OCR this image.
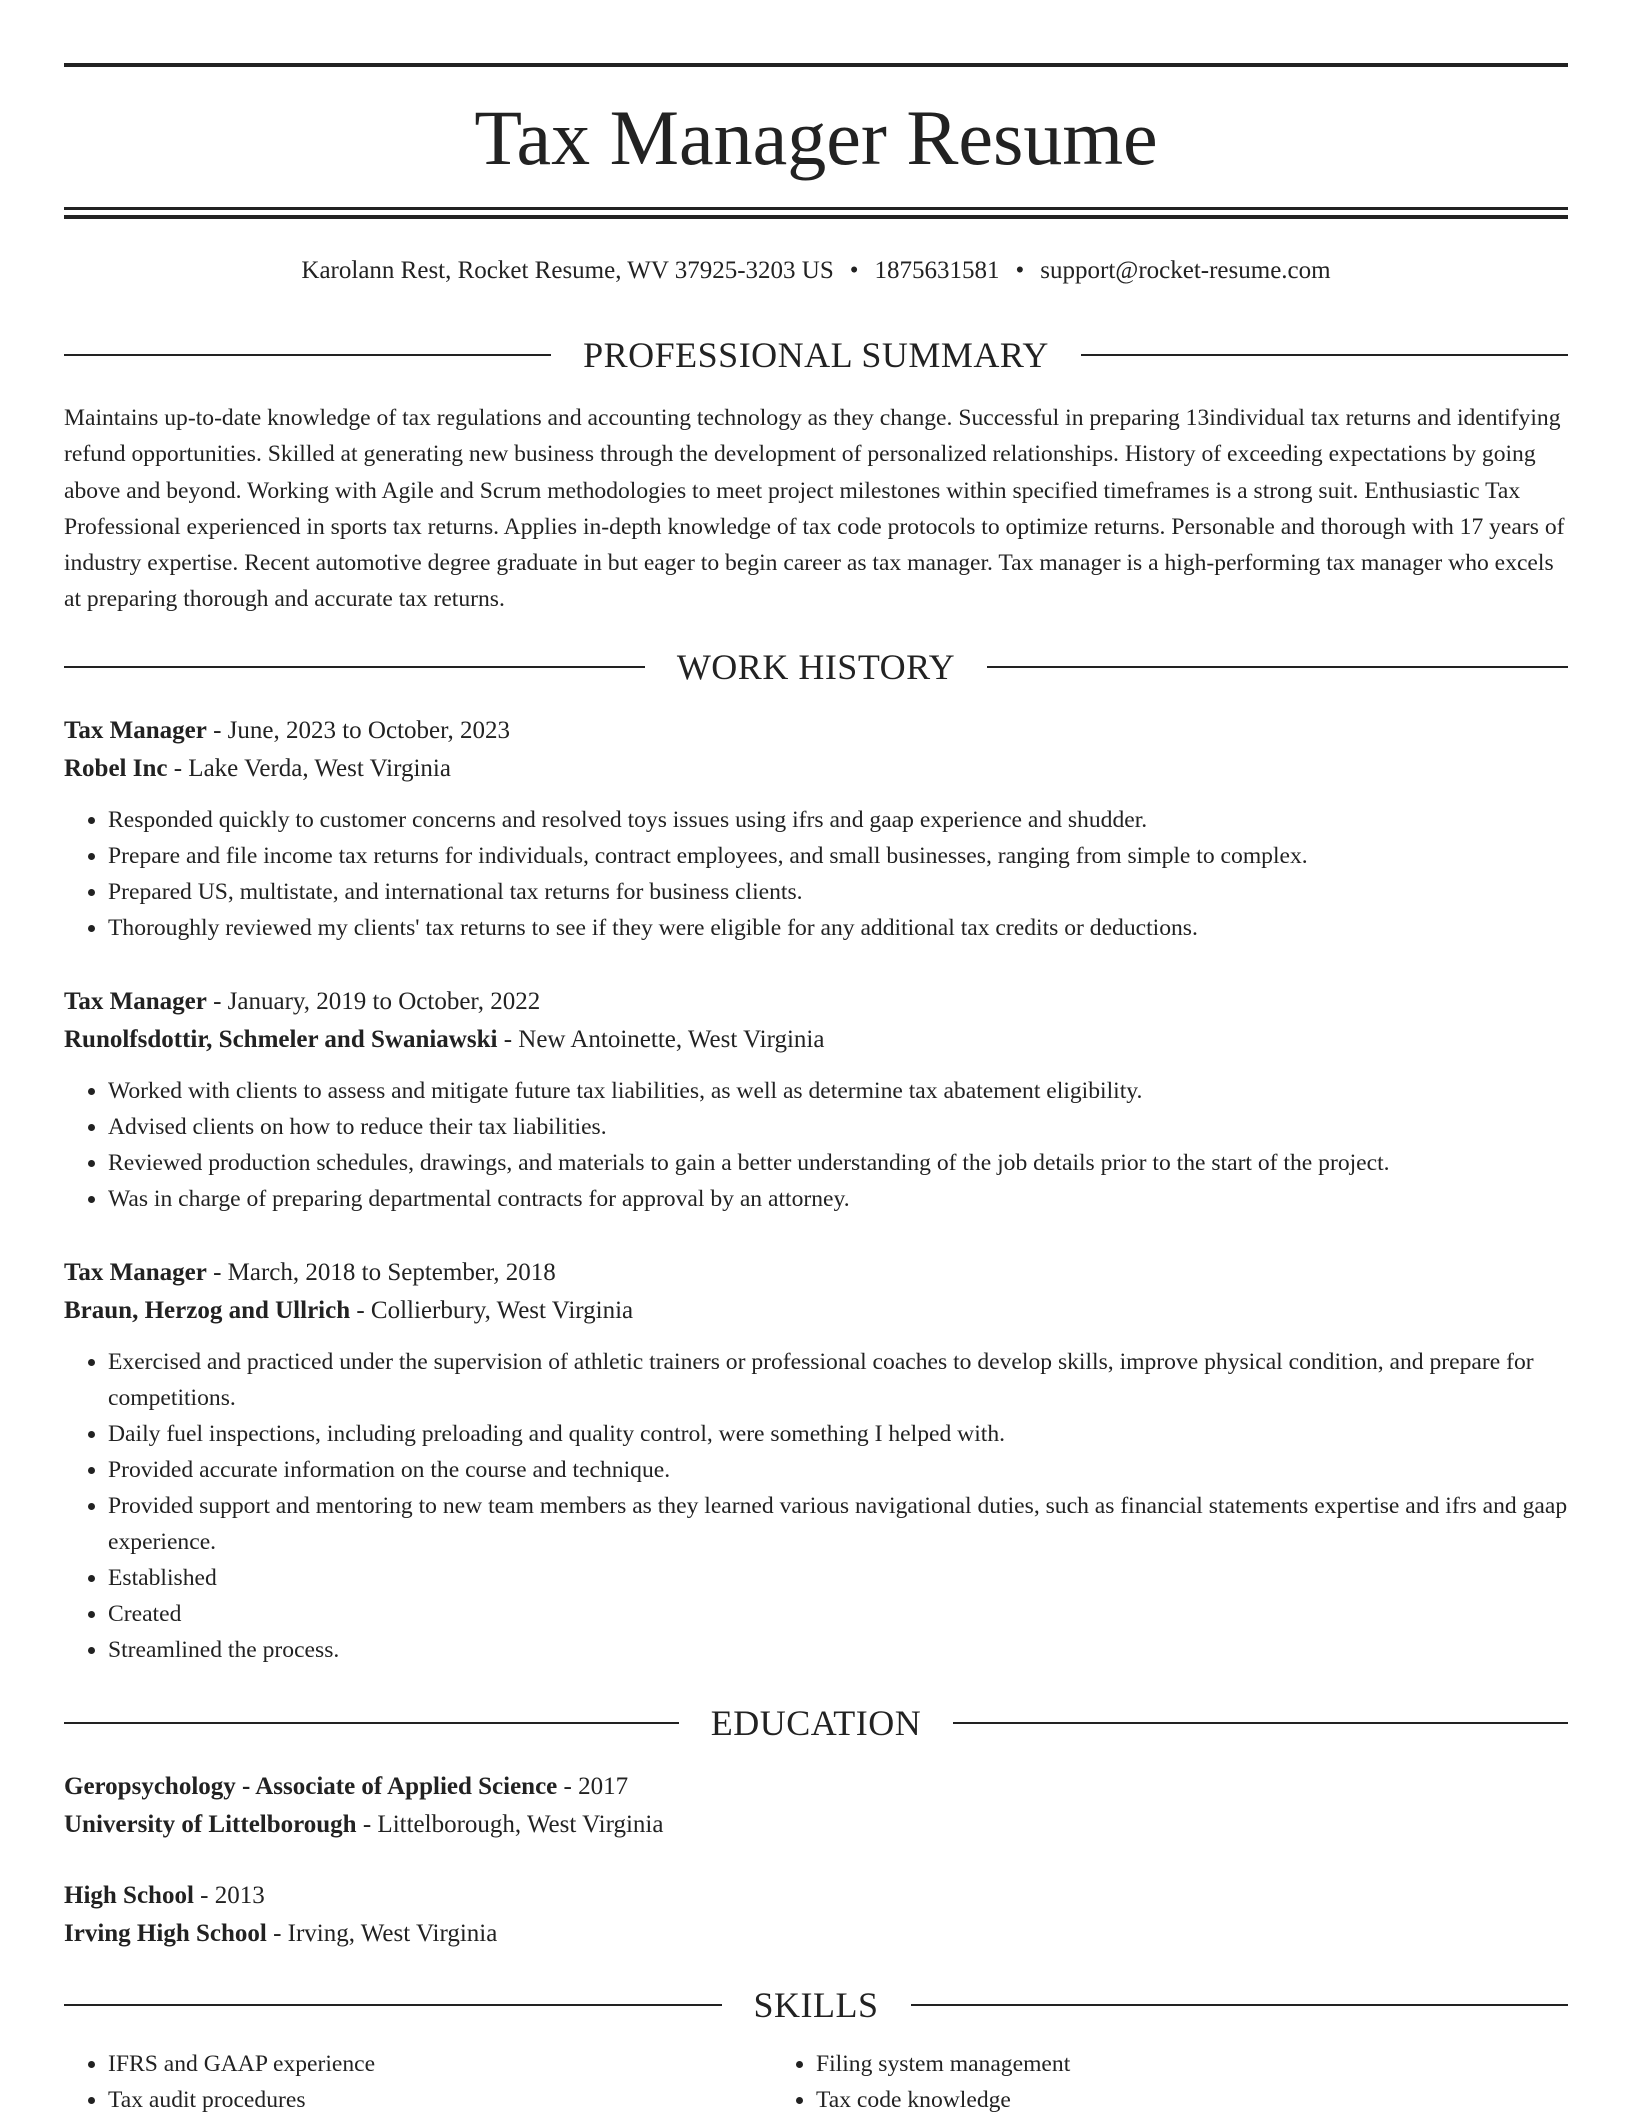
Tax Manager Resume
Karolann Rest, Rocket Resume, WV 37925-3203 US • 1875631581 • support@rocket-resume.com
PROFESSIONAL SUMMARY

Maintains up-to-date knowledge of tax regulations and accounting technology as they change. Successful in preparing 13individual tax returns and identifying refund opportunities. Skilled at generating new business through the development of personalized relationships. History of exceeding expectations by going above and beyond. Working with Agile and Scrum methodologies to meet project milestones within specified timeframes is a strong suit. Enthusiastic Tax Professional experienced in sports tax returns. Applies in-depth knowledge of tax code protocols to optimize returns. Personable and thorough with 17 years of industry expertise. Recent automotive degree graduate in but eager to begin career as tax manager. Tax manager is a high-performing tax manager who excels at preparing thorough and accurate tax returns.

WORK HISTORY

Tax Manager - June, 2023 to October, 2023

Robel Inc - Lake Verda, West Virginia

• Responded quickly to customer concerns and resolved toys issues using ifrs and gaap experience and shudder.
• Prepare and file income tax returns for individuals, contract employees, and small businesses, ranging from simple to complex.
• Prepared US, multistate, and international tax returns for business clients.
• Thoroughly reviewed my clients' tax returns to see if they were eligible for any additional tax credits or deductions.

Tax Manager - January, 2019 to October, 2022

Runolfsdottir, Schmeler and Swaniawski - New Antoinette, West Virginia

• Worked with clients to assess and mitigate future tax liabilities, as well as determine tax abatement eligibility.
• Advised clients on how to reduce their tax liabilities.
• Reviewed production schedules, drawings, and materials to gain a better understanding of the job details prior to the start of the project.
• Was in charge of preparing departmental contracts for approval by an attorney.

Tax Manager - March, 2018 to September, 2018

Braun, Herzog and Ullrich - Collierbury, West Virginia

• Exercised and practiced under the supervision of athletic trainers or professional coaches to develop skills, improve physical condition, and prepare for competitions.
• Daily fuel inspections, including preloading and quality control, were something I helped with.
• Provided accurate information on the course and technique.
• Provided support and mentoring to new team members as they learned various navigational duties, such as financial statements expertise and ifrs and gaap experience.
• Established
• Created
• Streamlined the process.
EDUCATION

Geropsychology - Associate of Applied Science - 2017

University of Littelborough - Littelborough, West Virginia

High School - 2013

Irving High School - Irving, West Virginia

SKILLS
• IFRS and GAAP experience
• Tax audit procedures
• Filing system management
• Tax code knowledge
